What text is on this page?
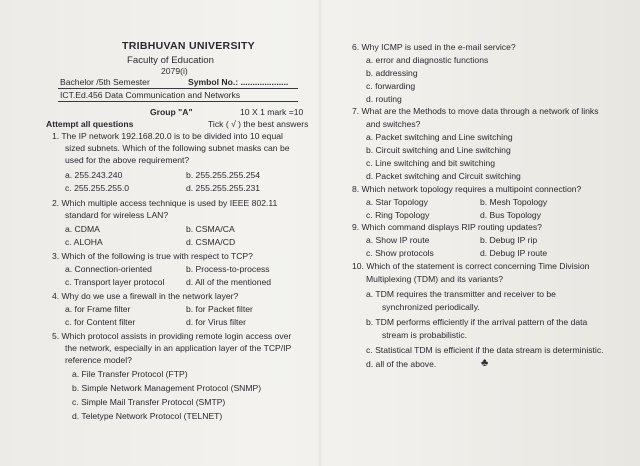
TRIBHUVAN UNIVERSITY
Faculty of Education
2079(i)
Bachelor /5th Semester	Symbol No.: ....................
ICT.Ed.456 Data Communication and Networks
Group "A"	10 X 1 mark =10
Attempt all questions	Tick ( √ ) the best answers
1. The IP network 192.168.20.0 is to be divided into 10 equal
sized subnets. Which of the following subnet masks can be
used for the above requirement?
a. 255.243.240	b. 255.255.255.254
c. 255.255.255.0	d. 255.255.255.231
2. Which multiple access technique is used by IEEE 802.11
standard for wireless LAN?
a. CDMA	b. CSMA/CA
c. ALOHA	d. CSMA/CD
3. Which of the following is true with respect to TCP?
a. Connection-oriented	b. Process-to-process
c. Transport layer protocol	d. All of the mentioned
4. Why do we use a firewall in the network layer?
a. for Frame filter	b. for Packet filter
c. for Content filter	d. for Virus filter
5. Which protocol assists in providing remote login access over
the network, especially in an application layer of the TCP/IP
reference model?
a. File Transfer Protocol (FTP)
b. Simple Network Management Protocol (SNMP)
c. Simple Mail Transfer Protocol (SMTP)
d. Teletype Network Protocol (TELNET)
6. Why ICMP is used in the e-mail service?
a. error and diagnostic functions
b. addressing
c. forwarding
d. routing
7. What are the Methods to move data through a network of links
and switches?
a. Packet switching and Line switching
b. Circuit switching and Line switching
c. Line switching and bit switching
d. Packet switching and Circuit switching
8. Which network topology requires a multipoint connection?
a. Star Topology	b. Mesh Topology
c. Ring Topology	d. Bus Topology
9. Which command displays RIP routing updates?
a. Show IP route	b. Debug IP rip
c. Show protocols	d. Debug IP route
10. Which of the statement is correct concerning Time Division
Multiplexing (TDM) and its variants?
a. TDM requires the transmitter and receiver to be
synchronized periodically.
b. TDM performs efficiently if the arrival pattern of the data
stream is probabilistic.
c. Statistical TDM is efficient if the data stream is deterministic.
d. all of the above.	♣
